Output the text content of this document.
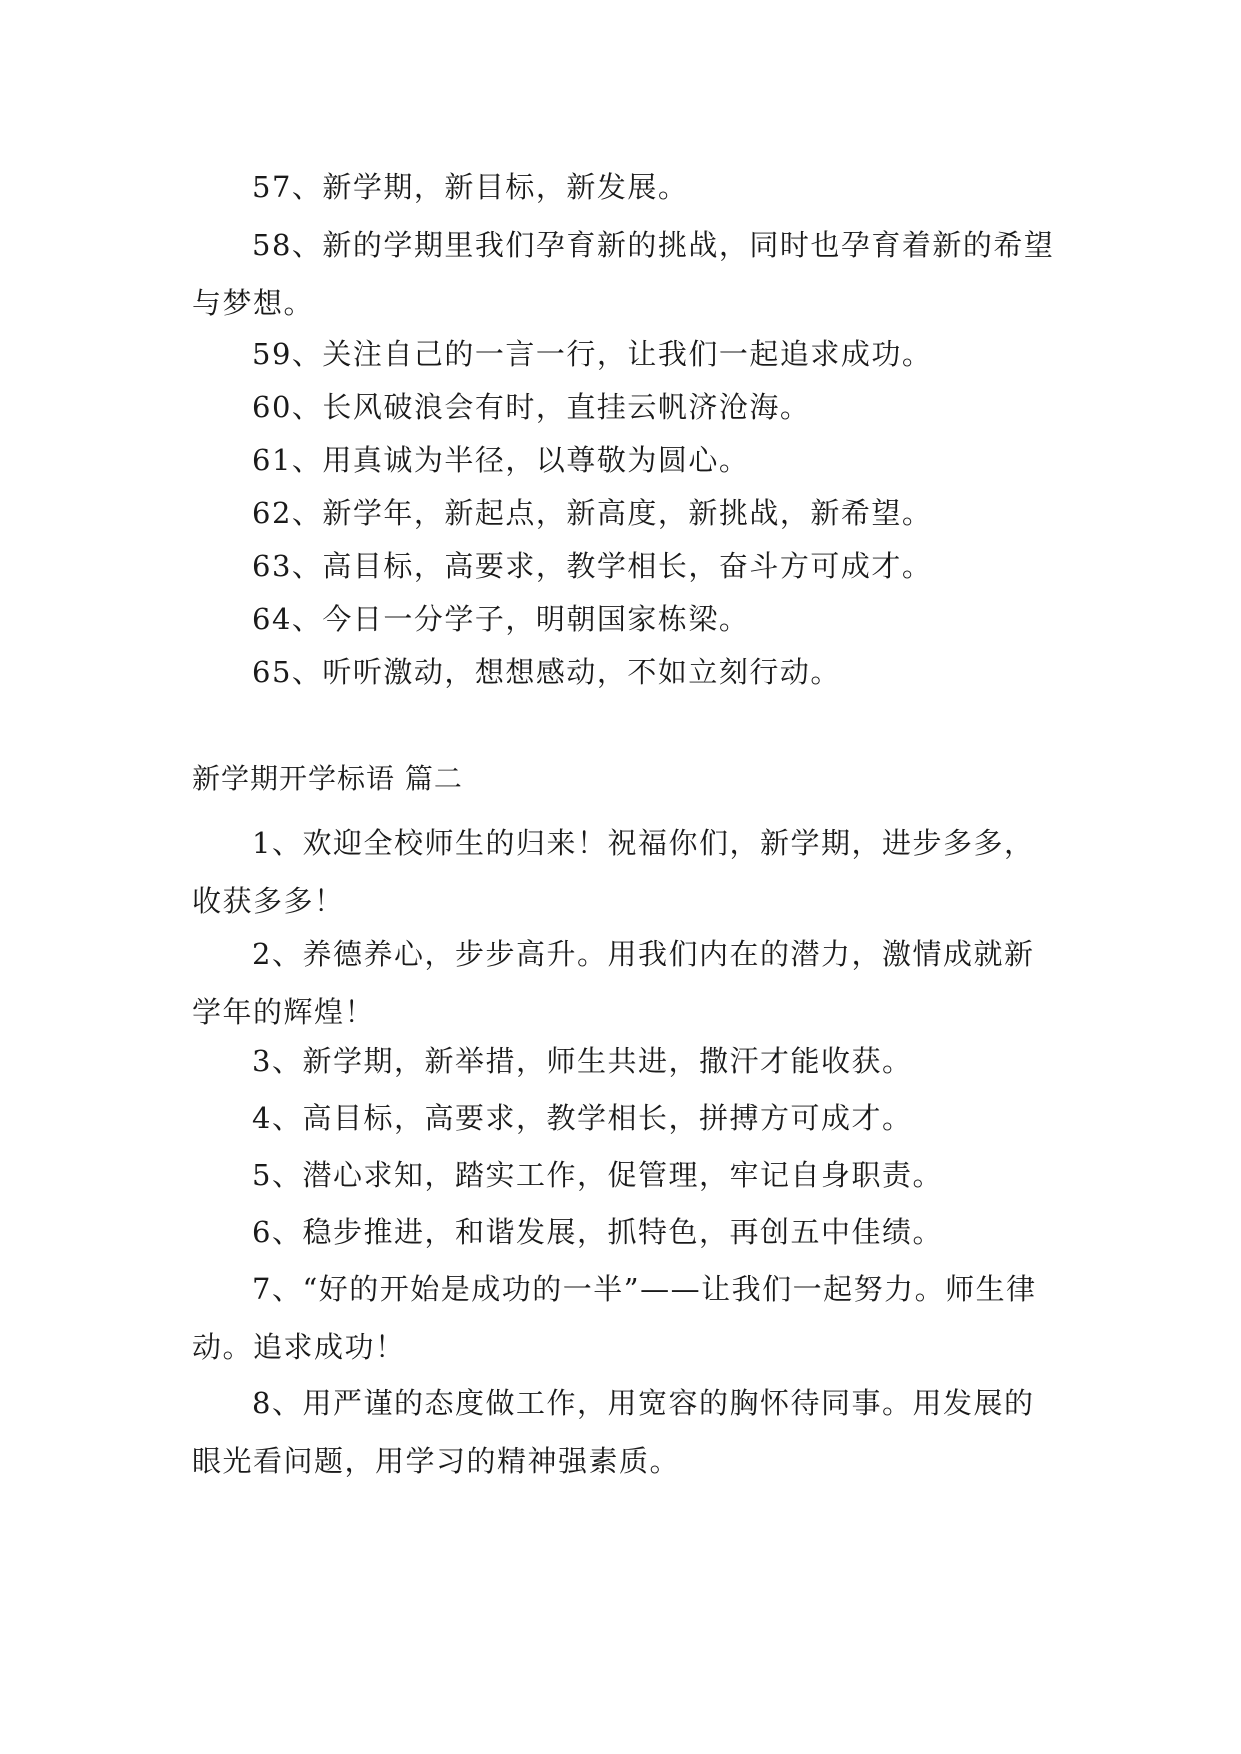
57、新学期，新目标，新发展。
58、新的学期里我们孕育新的挑战，同时也孕育着新的希望与梦想。
59、关注自己的一言一行，让我们一起追求成功。
60、长风破浪会有时，直挂云帆济沧海。
61、用真诚为半径，以尊敬为圆心。
62、新学年，新起点，新高度，新挑战，新希望。
63、高目标，高要求，教学相长，奋斗方可成才。
64、今日一分学子，明朝国家栋梁。
65、听听激动，想想感动，不如立刻行动。
新学期开学标语 篇二
1、欢迎全校师生的归来！祝福你们，新学期，进步多多，收获多多！
2、养德养心，步步高升。用我们内在的潜力，激情成就新学年的辉煌！
3、新学期，新举措，师生共进，撒汗才能收获。
4、高目标，高要求，教学相长，拼搏方可成才。
5、潜心求知，踏实工作，促管理，牢记自身职责。
6、稳步推进，和谐发展，抓特色，再创五中佳绩。
7、“好的开始是成功的一半”——让我们一起努力。师生律动。追求成功！
8、用严谨的态度做工作，用宽容的胸怀待同事。用发展的眼光看问题，用学习的精神强素质。
